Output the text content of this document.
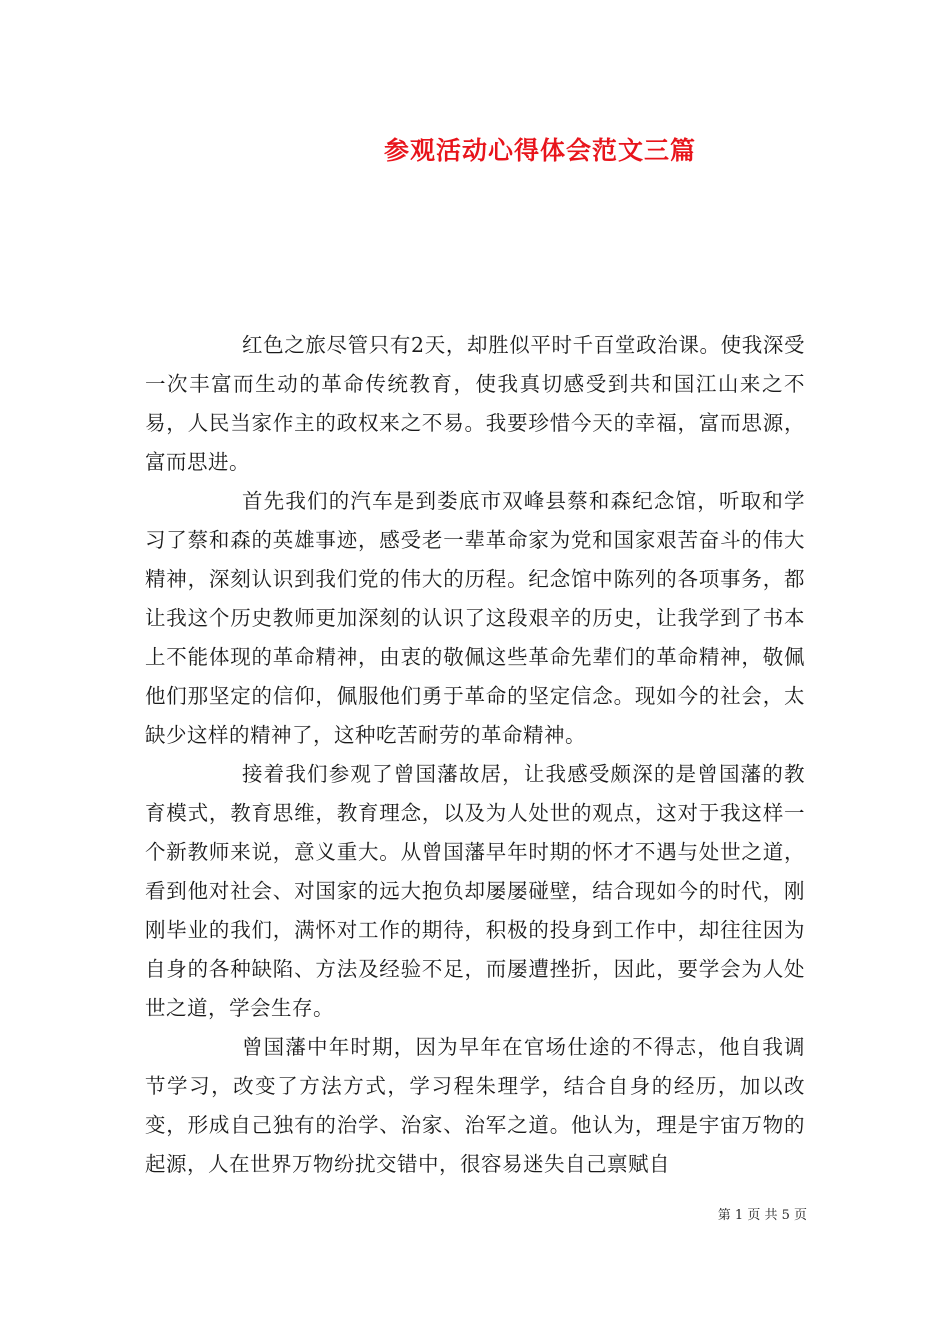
参观活动心得体会范文三篇

红色之旅尽管只有2天，却胜似平时千百堂政治课。使我深受一次丰富而生动的革命传统教育，使我真切感受到共和国江山来之不易，人民当家作主的政权来之不易。我要珍惜今天的幸福，富而思源，富而思进。

首先我们的汽车是到娄底市双峰县蔡和森纪念馆，听取和学习了蔡和森的英雄事迹，感受老一辈革命家为党和国家艰苦奋斗的伟大精神，深刻认识到我们党的伟大的历程。纪念馆中陈列的各项事务，都让我这个历史教师更加深刻的认识了这段艰辛的历史，让我学到了书本上不能体现的革命精神，由衷的敬佩这些革命先辈们的革命精神，敬佩他们那坚定的信仰，佩服他们勇于革命的坚定信念。现如今的社会，太缺少这样的精神了，这种吃苦耐劳的革命精神。

接着我们参观了曾国藩故居，让我感受颇深的是曾国藩的教育模式，教育思维，教育理念，以及为人处世的观点，这对于我这样一个新教师来说，意义重大。从曾国藩早年时期的怀才不遇与处世之道，看到他对社会、对国家的远大抱负却屡屡碰壁，结合现如今的时代，刚刚毕业的我们，满怀对工作的期待，积极的投身到工作中，却往往因为自身的各种缺陷、方法及经验不足，而屡遭挫折，因此，要学会为人处世之道，学会生存。

曾国藩中年时期，因为早年在官场仕途的不得志，他自我调节学习，改变了方法方式，学习程朱理学，结合自身的经历，加以改变，形成自己独有的治学、治家、治军之道。他认为，理是宇宙万物的起源，人在世界万物纷扰交错中，很容易迷失自己禀赋自

第 1 页 共 5 页
